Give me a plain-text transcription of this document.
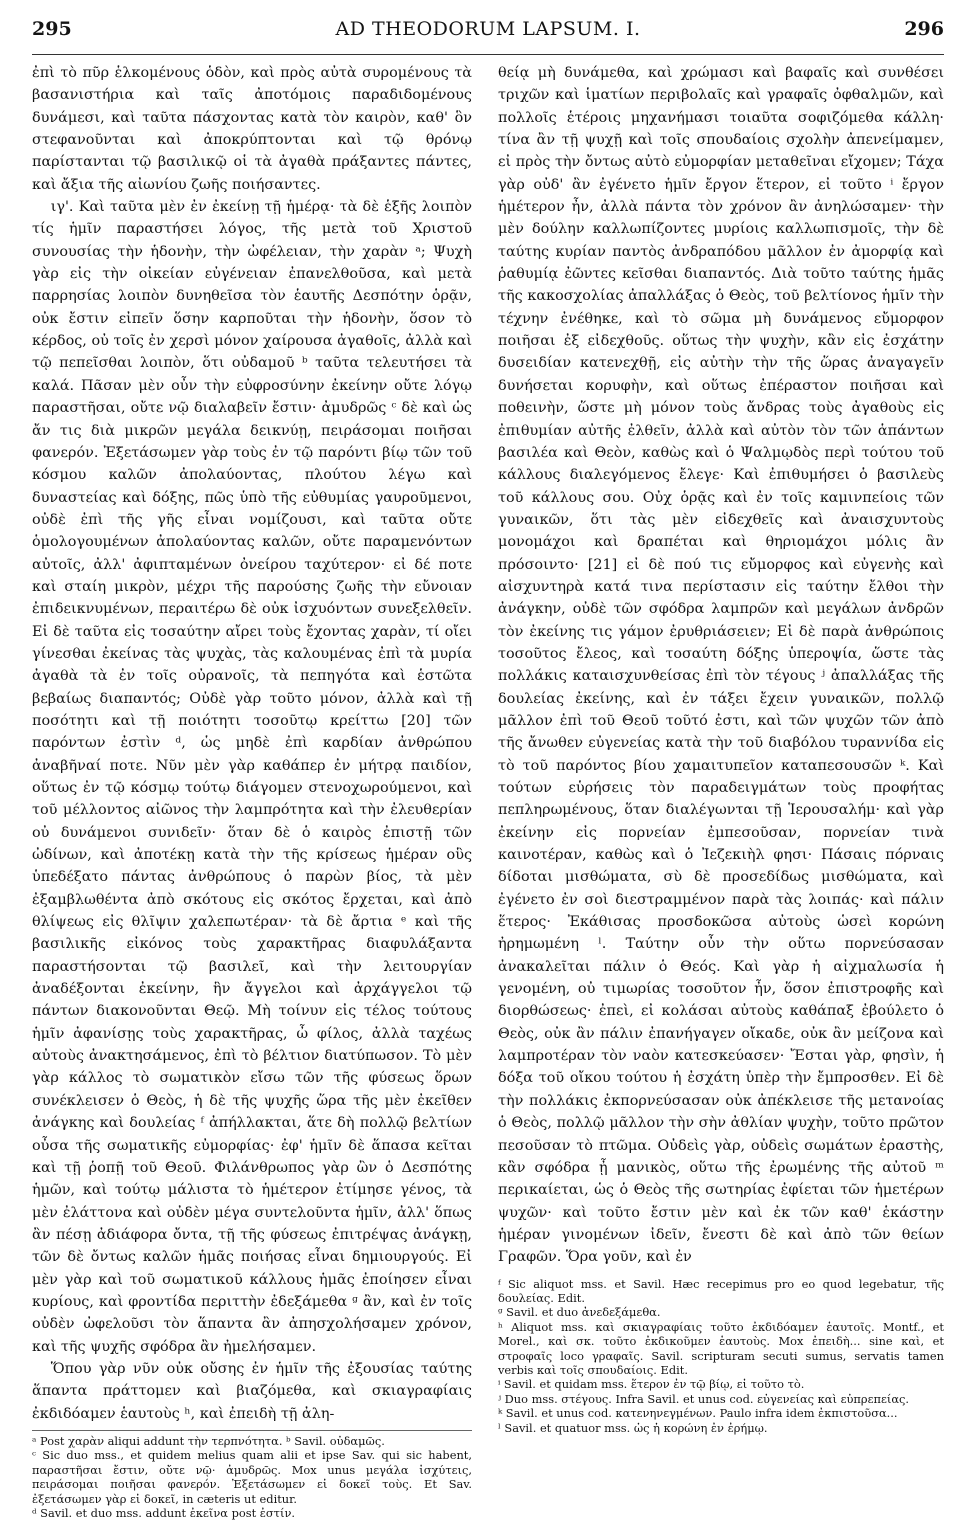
295	AD THEODORUM LAPSUM. I.	296

ἐπὶ τὸ πῦρ ἑλκομένους ὁδὸν, καὶ πρὸς αὐτὰ συρομένους τὰ βασανιστήρια καὶ ταῖς ἀποτόμοις παραδιδομένους δυνάμεσι, καὶ ταῦτα πάσχοντας κατὰ τὸν καιρὸν, καθ' ὃν στεφανοῦνται καὶ ἀποκρύπτονται καὶ τῷ θρόνῳ παρίστανται τῷ βασιλικῷ οἱ τὰ ἀγαθὰ πράξαντες πάντες, καὶ ἄξια τῆς αἰωνίου ζωῆς ποιήσαντες.

ιγ'. Καὶ ταῦτα μὲν ἐν ἐκείνῃ τῇ ἡμέρᾳ· τὰ δὲ ἑξῆς λοιπὸν τίς ἡμῖν παραστήσει λόγος, τῆς μετὰ τοῦ Χριστοῦ συνουσίας τὴν ἡδονὴν, τὴν ὠφέλειαν, τὴν χαρὰν ᵃ; Ψυχὴ γὰρ εἰς τὴν οἰκείαν εὐγένειαν ἐπανελθοῦσα, καὶ μετὰ παρρησίας λοιπὸν δυνηθεῖσα τὸν ἑαυτῆς Δεσπότην ὁρᾷν, οὐκ ἔστιν εἰπεῖν ὅσην καρποῦται τὴν ἡδονὴν, ὅσον τὸ κέρδος, οὐ τοῖς ἐν χερσὶ μόνον χαίρουσα ἀγαθοῖς, ἀλλὰ καὶ τῷ πεπεῖσθαι λοιπὸν, ὅτι οὐδαμοῦ ᵇ ταῦτα τελευτήσει τὰ καλά. Πᾶσαν μὲν οὖν τὴν εὐφροσύνην ἐκείνην οὔτε λόγῳ παραστῆσαι, οὔτε νῷ διαλαβεῖν ἔστιν· ἀμυδρῶς ᶜ δὲ καὶ ὡς ἄν τις διὰ μικρῶν μεγάλα δεικνύῃ, πειράσομαι ποιῆσαι φανερόν. Ἐξετάσωμεν γὰρ τοὺς ἐν τῷ παρόντι βίῳ τῶν τοῦ κόσμου καλῶν ἀπολαύοντας, πλούτου λέγω καὶ δυναστείας καὶ δόξης, πῶς ὑπὸ τῆς εὐθυμίας γαυροῦμενοι, οὐδὲ ἐπὶ τῆς γῆς εἶναι νομίζουσι, καὶ ταῦτα οὔτε ὁμολογουμένων ἀπολαύοντας καλῶν, οὔτε παραμενόντων αὐτοῖς, ἀλλ' ἀφιπταμένων ὀνείρου ταχύτερον· εἰ δέ ποτε καὶ σταίη μικρὸν, μέχρι τῆς παρούσης ζωῆς τὴν εὔνοιαν ἐπιδεικνυμένων, περαιτέρω δὲ οὐκ ἰσχυόντων συνεξελθεῖν. Εἰ δὲ ταῦτα εἰς τοσαύτην αἴρει τοὺς ἔχοντας χαρὰν, τί οἴει γίνεσθαι ἐκείνας τὰς ψυχὰς, τὰς καλουμένας ἐπὶ τὰ μυρία ἀγαθὰ τὰ ἐν τοῖς οὐρανοῖς, τὰ πεπηγότα καὶ ἑστῶτα βεβαίως διαπαντός; Οὐδὲ γὰρ τοῦτο μόνον, ἀλλὰ καὶ τῇ ποσότητι καὶ τῇ ποιότητι τοσοῦτῳ κρείττω [20] τῶν παρόντων ἐστὶν ᵈ, ὡς μηδὲ ἐπὶ καρδίαν ἀνθρώπου ἀναβῆναί ποτε. Νῦν μὲν γὰρ καθάπερ ἐν μήτρᾳ παιδίον, οὕτως ἐν τῷ κόσμῳ τούτῳ διάγομεν στενοχωρούμενοι, καὶ τοῦ μέλλοντος αἰῶνος τὴν λαμπρότητα καὶ τὴν ἐλευθερίαν οὐ δυνάμενοι συνιδεῖν· ὅταν δὲ ὁ καιρὸς ἐπιστῇ τῶν ὠδίνων, καὶ ἀποτέκῃ κατὰ τὴν τῆς κρίσεως ἡμέραν οὓς ὑπεδέξατο πάντας ἀνθρώπους ὁ παρὼν βίος, τὰ μὲν ἐξαμβλωθέντα ἀπὸ σκότους εἰς σκότος ἔρχεται, καὶ ἀπὸ θλίψεως εἰς θλῖψιν χαλεπωτέραν· τὰ δὲ ἄρτια ᵉ καὶ τῆς βασιλικῆς εἰκόνος τοὺς χαρακτῆρας διαφυλάξαντα παραστήσονται τῷ βασιλεῖ, καὶ τὴν λειτουργίαν ἀναδέξονται ἐκείνην, ἣν ἄγγελοι καὶ ἀρχάγγελοι τῷ πάντων διακονοῦνται Θεῷ. Μὴ τοίνυν εἰς τέλος τούτους ἡμῖν ἀφανίσῃς τοὺς χαρακτῆρας, ὦ φίλος, ἀλλὰ ταχέως αὐτοὺς ἀνακτησάμενος, ἐπὶ τὸ βέλτιον διατύπωσον. Τὸ μὲν γὰρ κάλλος τὸ σωματικὸν εἴσω τῶν τῆς φύσεως ὅρων συνέκλεισεν ὁ Θεὸς, ἡ δὲ τῆς ψυχῆς ὥρα τῆς μὲν ἐκεῖθεν ἀνάγκης καὶ δουλείας ᶠ ἀπήλλακται, ἅτε δὴ πολλῷ βελτίων οὖσα τῆς σωματικῆς εὐμορφίας· ἐφ' ἡμῖν δὲ ἅπασα κεῖται καὶ τῇ ῥοπῇ τοῦ Θεοῦ. Φιλάνθρωπος γὰρ ὢν ὁ Δεσπότης ἡμῶν, καὶ τούτῳ μάλιστα τὸ ἡμέτερον ἐτίμησε γένος, τὰ μὲν ἐλάττονα καὶ οὐδὲν μέγα συντελοῦντα ἡμῖν, ἀλλ' ὅπως ἂν πέσῃ ἀδιάφορα ὄντα, τῇ τῆς φύσεως ἐπιτρέψας ἀνάγκῃ, τῶν δὲ ὄντως καλῶν ἡμᾶς ποιήσας εἶναι δημιουργούς. Εἰ μὲν γὰρ καὶ τοῦ σωματικοῦ κάλλους ἡμᾶς ἐποίησεν εἶναι κυρίους, καὶ φροντίδα περιττὴν ἐδεξάμεθα ᵍ ἂν, καὶ ἐν τοῖς οὐδὲν ὠφελοῦσι τὸν ἅπαντα ἂν ἀπησχολήσαμεν χρόνον, καὶ τῆς ψυχῆς σφόδρα ἂν ἠμελήσαμεν.

Ὅπου γὰρ νῦν οὐκ οὔσης ἐν ἡμῖν τῆς ἐξουσίας ταύτης ἅπαντα πράττομεν καὶ βιαζόμεθα, καὶ σκιαγραφίαις ἐκδιδόαμεν ἑαυτοὺς ʰ, καὶ ἐπειδὴ τῇ ἀλη-

ᵃ Post χαρὰν aliqui addunt τὴν τερπνότητα. ᵇ Savil. οὐδαμῶς.

ᶜ Sic duo mss., et quidem melius quam alii et ipse Sav. qui sic habent, παραστῆσαι ἔστιν, οὔτε νῷ· ἀμυδρῶς. Mox unus μεγάλα ἰσχύτεις, πειράσομαι ποιῆσαι φανερόν. Ἐξετάσωμεν εἰ δοκεῖ τοὺς. Et Sav. ἐξετάσωμεν γὰρ εἰ δοκεῖ, in cæteris ut editur.

ᵈ Savil. et duo mss. addunt ἐκεῖνα post ἐστίν.

θείᾳ μὴ δυνάμεθα, καὶ χρώμασι καὶ βαφαῖς καὶ συνθέσει τριχῶν καὶ ἱματίων περιβολαῖς καὶ γραφαῖς ὀφθαλμῶν, καὶ πολλοῖς ἑτέροις μηχανήμασι τοιαῦτα σοφιζόμεθα κάλλη· τίνα ἂν τῇ ψυχῇ καὶ τοῖς σπουδαίοις σχολὴν ἀπενείμαμεν, εἰ πρὸς τὴν ὄντως αὐτὸ εὐμορφίαν μεταθεῖναι εἴχομεν; Τάχα γὰρ οὐδ' ἂν ἐγένετο ἡμῖν ἔργον ἕτερον, εἰ τοῦτο ⁱ ἔργον ἡμέτερον ἦν, ἀλλὰ πάντα τὸν χρόνον ἂν ἀνηλώσαμεν· τὴν μὲν δούλην καλλωπίζοντες μυρίοις καλλωπισμοῖς, τὴν δὲ ταύτης κυρίαν παντὸς ἀνδραπόδου μᾶλλον ἐν ἀμορφίᾳ καὶ ῥαθυμίᾳ ἐῶντες κεῖσθαι διαπαντός. Διὰ τοῦτο ταύτης ἡμᾶς τῆς κακοσχολίας ἀπαλλάξας ὁ Θεὸς, τοῦ βελτίονος ἡμῖν τὴν τέχνην ἐνέθηκε, καὶ τὸ σῶμα μὴ δυνάμενος εὔμορφον ποιῆσαι ἐξ εἰδεχθοῦς. οὕτως τὴν ψυχὴν, κἂν εἰς ἐσχάτην δυσειδίαν κατενεχθῇ, εἰς αὐτὴν τὴν τῆς ὥρας ἀναγαγεῖν δυνήσεται κορυφὴν, καὶ οὕτως ἐπέραστον ποιῆσαι καὶ ποθεινὴν, ὥστε μὴ μόνον τοὺς ἄνδρας τοὺς ἀγαθοὺς εἰς ἐπιθυμίαν αὐτῆς ἐλθεῖν, ἀλλὰ καὶ αὐτὸν τὸν τῶν ἁπάντων βασιλέα καὶ Θεὸν, καθὼς καὶ ὁ Ψαλμῳδὸς περὶ τούτου τοῦ κάλλους διαλεγόμενος ἔλεγε· Καὶ ἐπιθυμήσει ὁ βασιλεὺς τοῦ κάλλους σου. Οὐχ ὁρᾷς καὶ ἐν τοῖς καμινπείοις τῶν γυναικῶν, ὅτι τὰς μὲν εἰδεχθεῖς καὶ ἀναισχυντοὺς μονομάχοι καὶ δραπέται καὶ θηριομάχοι μόλις ἂν πρόσοιντο· [21] εἰ δὲ πού τις εὔμορφος καὶ εὐγενὴς καὶ αἰσχυντηρὰ κατά τινα περίστασιν εἰς ταύτην ἔλθοι τὴν ἀνάγκην, οὐδὲ τῶν σφόδρα λαμπρῶν καὶ μεγάλων ἀνδρῶν τὸν ἐκείνης τις γάμον ἐρυθριάσειεν; Εἰ δὲ παρὰ ἀνθρώποις τοσοῦτος ἔλεος, καὶ τοσαύτη δόξης ὑπεροψία, ὥστε τὰς πολλάκις καταισχυνθείσας ἐπὶ τὸν τέγους ʲ ἀπαλλάξας τῆς δουλείας ἐκείνης, καὶ ἐν τάξει ἔχειν γυναικῶν, πολλῷ μᾶλλον ἐπὶ τοῦ Θεοῦ τοῦτό ἐστι, καὶ τῶν ψυχῶν τῶν ἀπὸ τῆς ἄνωθεν εὐγενείας κατὰ τὴν τοῦ διαβόλου τυραννίδα εἰς τὸ τοῦ παρόντος βίου χαμαιτυπεῖον καταπεσουσῶν ᵏ. Καὶ τούτων εὑρήσεις τὸν παραδειγμάτων τοὺς προφήτας πεπληρωμένους, ὅταν διαλέγωνται τῇ Ἱερουσαλήμ· καὶ γὰρ ἐκείνην εἰς πορνείαν ἐμπεσοῦσαν, πορνείαν τινὰ καινοτέραν, καθὼς καὶ ὁ Ἰεζεκιὴλ φησι· Πάσαις πόρναις δίδοται μισθώματα, σὺ δὲ προσεδίδως μισθώματα, καὶ ἐγένετο ἐν σοὶ διεστραμμένον παρὰ τὰς λοιπάς· καὶ πάλιν ἕτερος· Ἐκάθισας προσδοκῶσα αὐτοὺς ὡσεὶ κορώνη ἠρημωμένη ˡ. Ταύτην οὖν τὴν οὕτω πορνεύσασαν ἀνακαλεῖται πάλιν ὁ Θεός. Καὶ γὰρ ἡ αἰχμαλωσία ἡ γενομένη, οὐ τιμωρίας τοσοῦτον ἦν, ὅσον ἐπιστροφῆς καὶ διορθώσεως· ἐπεὶ, εἰ κολάσαι αὐτοὺς καθάπαξ ἐβούλετο ὁ Θεὸς, οὐκ ἂν πάλιν ἐπανήγαγεν οἴκαδε, οὐκ ἂν μείζονα καὶ λαμπροτέραν τὸν ναὸν κατεσκεύασεν· Ἔσται γὰρ, φησὶν, ἡ δόξα τοῦ οἴκου τούτου ἡ ἐσχάτη ὑπὲρ τὴν ἔμπροσθεν. Εἰ δὲ τὴν πολλάκις ἐκπορνεύσασαν οὐκ ἀπέκλεισε τῆς μετανοίας ὁ Θεὸς, πολλῷ μᾶλλον τὴν σὴν ἀθλίαν ψυχὴν, τοῦτο πρῶτον πεσοῦσαν τὸ πτῶμα. Οὐδεὶς γὰρ, οὐδεὶς σωμάτων ἐραστὴς, κἂν σφόδρα ᾖ μανικὸς, οὕτω τῆς ἐρωμένης τῆς αὐτοῦ ᵐ περικαίεται, ὡς ὁ Θεὸς τῆς σωτηρίας ἐφίεται τῶν ἡμετέρων ψυχῶν· καὶ τοῦτο ἔστιν μὲν καὶ ἐκ τῶν καθ' ἑκάστην ἡμέραν γινομένων ἰδεῖν, ἔνεστι δὲ καὶ ἀπὸ τῶν θείων Γραφῶν. Ὅρα γοῦν, καὶ ἐν

ᶠ Sic aliquot mss. et Savil. Hæc recepimus pro eo quod legebatur, τῆς δουλείας. Edit.

ᵍ Savil. et duo ἀνεδεξάμεθα.

ʰ Aliquot mss. καὶ σκιαγραφίαις τοῦτο ἐκδιδόαμεν ἑαυτοῖς. Montf., et Morel., καὶ σκ. τοῦτο ἐκδικοῦμεν ἑαυτοὺς. Mox ἐπειδὴ... sine καὶ, et στροφαῖς loco γραφαῖς. Savil. scripturam secuti sumus, servatis tamen verbis καὶ τοῖς σπουδαίοις. Edit.

ⁱ Savil. et quidam mss. ἕτερον ἐν τῷ βίῳ, εἰ τοῦτο τὸ.

ʲ Duo mss. στέγους. Infra Savil. et unus cod. εὐγενείας καὶ εὐπρεπείας.

ᵏ Savil. et unus cod. κατενηνεγμένων. Paulo infra idem ἐκπιστοῦσα...

ˡ Savil. et quatuor mss. ὡς ἡ κορώνη ἐν ἐρήμῳ.
